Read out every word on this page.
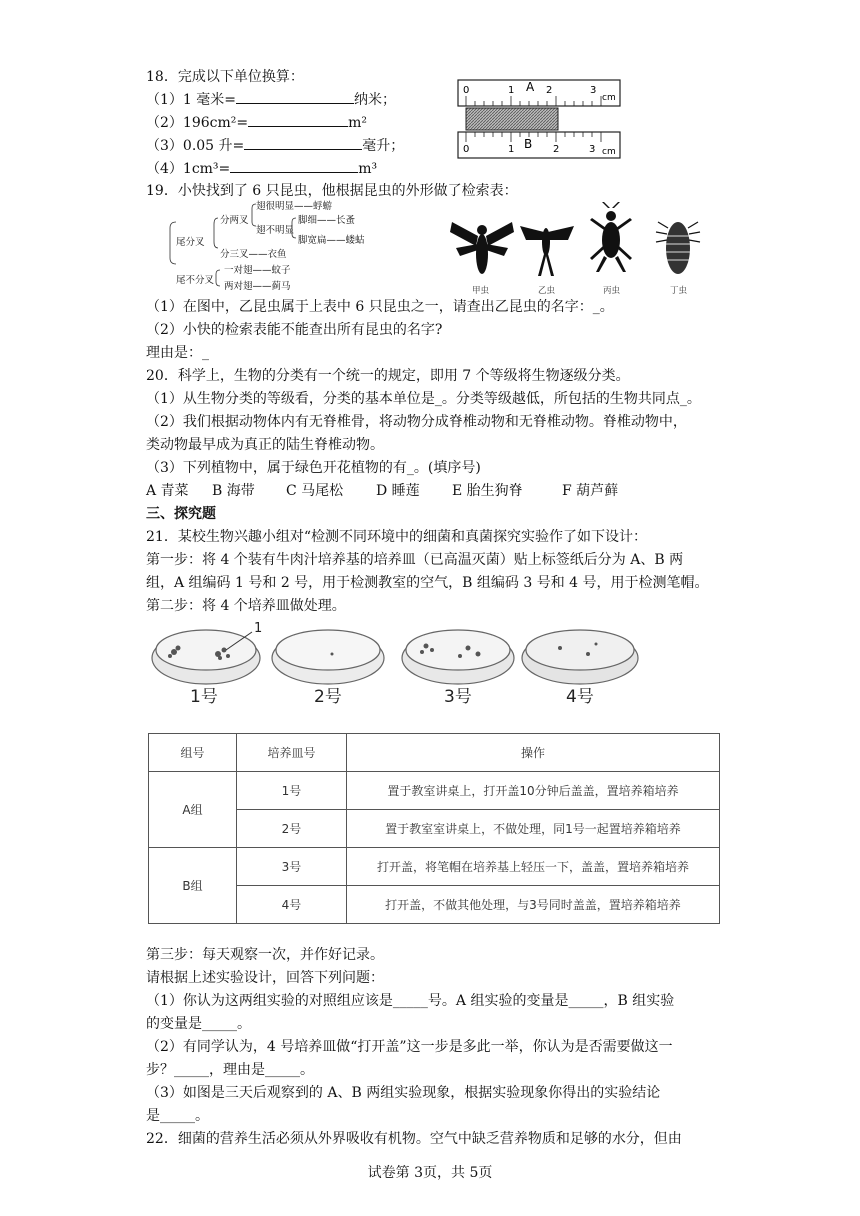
18．完成以下单位换算：
（1）1 毫米=	纳米；
（2）196cm²=	m²
（3）0.05 升=	毫升；
（4）1cm³=	m³
0	1	2	3
A
cm
0	1	2	3
B
cm
19．小快找到了 6 只昆虫，他根据昆虫的外形做了检索表：
翅很明显——蜉蝣
分两叉	脚细——长蚤
尾分叉
翅不明显
脚宽扁——蝼蛄
分三叉——衣鱼
一对翅——蚊子
尾不分叉
两对翅——蓟马	甲虫	乙虫	丙虫	丁虫
（1）在图中，乙昆虫属于上表中 6 只昆虫之一，请查出乙昆虫的名字：_。
（2）小快的检索表能不能查出所有昆虫的名字?
理由是：_
20．科学上，生物的分类有一个统一的规定，即用 7 个等级将生物逐级分类。
（1）从生物分类的等级看，分类的基本单位是_。分类等级越低，所包括的生物共同点_。
（2）我们根据动物体内有无脊椎骨，将动物分成脊椎动物和无脊椎动物。脊椎动物中，
类动物最早成为真正的陆生脊椎动物。
（3）下列植物中，属于绿色开花植物的有_。(填序号)
A 青菜 B 海带 C 马尾松 D 睡莲 E 胎生狗脊	F 葫芦藓
三、探究题
21．某校生物兴趣小组对“检测不同环境中的细菌和真菌探究实验作了如下设计：
第一步：将 4 个装有牛肉汁培养基的培养皿（已高温灭菌）贴上标签纸后分为 A、B 两
组，A 组编码 1 号和 2 号，用于检测教室的空气，B 组编码 3 号和 4 号，用于检测笔帽。
第二步：将 4 个培养皿做处理。
1
1号	2号	3号	4号
组号	培养皿号	操作
A组	1号	置于教室讲桌上，打开盖10分钟后盖盖，置培养箱培养
	2号	置于教室室讲桌上，不做处理，同1号一起置培养箱培养
B组	3号	打开盖，将笔帽在培养基上轻压一下，盖盖，置培养箱培养
	4号	打开盖，不做其他处理，与3号同时盖盖，置培养箱培养
第三步：每天观察一次，并作好记录。
请根据上述实验设计，回答下列问题：
（1）你认为这两组实验的对照组应该是_____号。A 组实验的变量是_____，B 组实验
的变量是_____。
（2）有同学认为，4 号培养皿做“打开盖”这一步是多此一举，你认为是否需要做这一
步？_____，理由是_____。
（3）如图是三天后观察到的 A、B 两组实验现象，根据实验现象你得出的实验结论
是_____。
22．细菌的营养生活必须从外界吸收有机物。空气中缺乏营养物质和足够的水分，但由
试卷第 3页，共 5页
